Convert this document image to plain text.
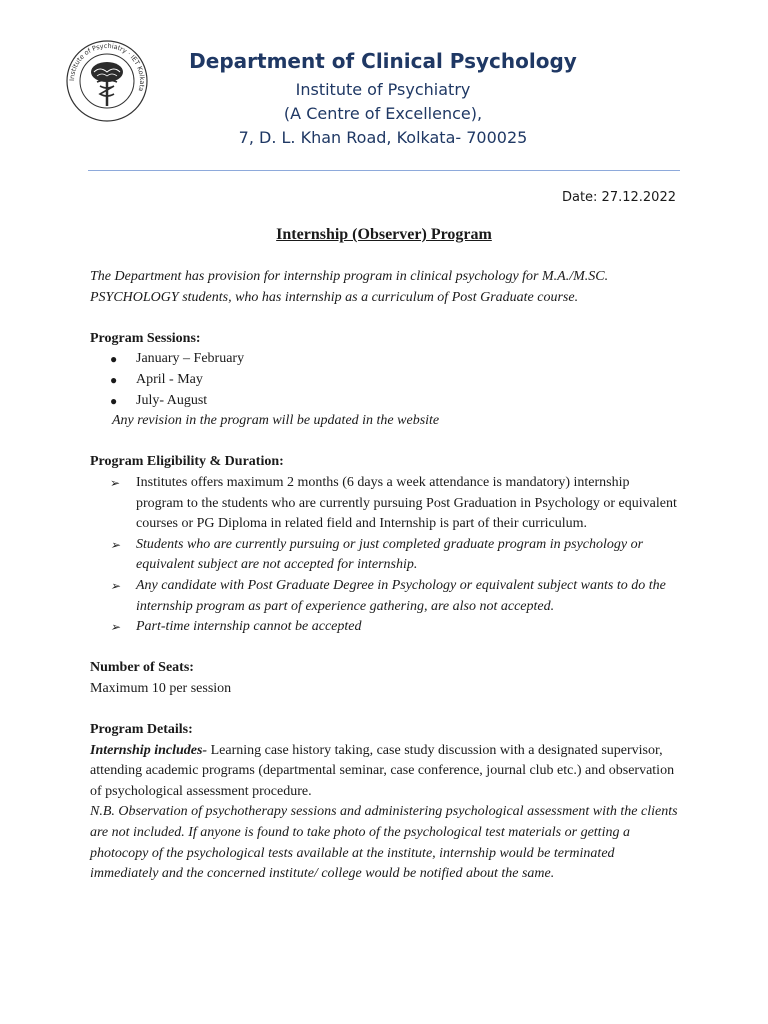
Institute of Psychiatry · IET Kolkata
Department of Clinical Psychology
Institute of Psychiatry
(A Centre of Excellence),
7, D. L. Khan Road, Kolkata- 700025
Date: 27.12.2022
Internship (Observer) Program

The Department has provision for internship program in clinical psychology for M.A./M.SC. PSYCHOLOGY students, who has internship as a curriculum of Post Graduate course.

Program Sessions:

● January – February
● April - May
● July- August

Any revision in the program will be updated in the website

Program Eligibility & Duration:

➢ Institutes offers maximum 2 months (6 days a week attendance is mandatory) internship program to the students who are currently pursuing Post Graduation in Psychology or equivalent courses or PG Diploma in related field and Internship is part of their curriculum.
➢ Students who are currently pursuing or just completed graduate program in psychology or equivalent subject are not accepted for internship.
➢ Any candidate with Post Graduate Degree in Psychology or equivalent subject wants to do the internship program as part of experience gathering, are also not accepted.
➢ Part-time internship cannot be accepted

Number of Seats:

Maximum 10 per session

Program Details:

Internship includes- Learning case history taking, case study discussion with a designated supervisor, attending academic programs (departmental seminar, case conference, journal club etc.) and observation of psychological assessment procedure.

N.B. Observation of psychotherapy sessions and administering psychological assessment with the clients are not included. If anyone is found to take photo of the psychological test materials or getting a photocopy of the psychological tests available at the institute, internship would be terminated immediately and the concerned institute/ college would be notified about the same.
